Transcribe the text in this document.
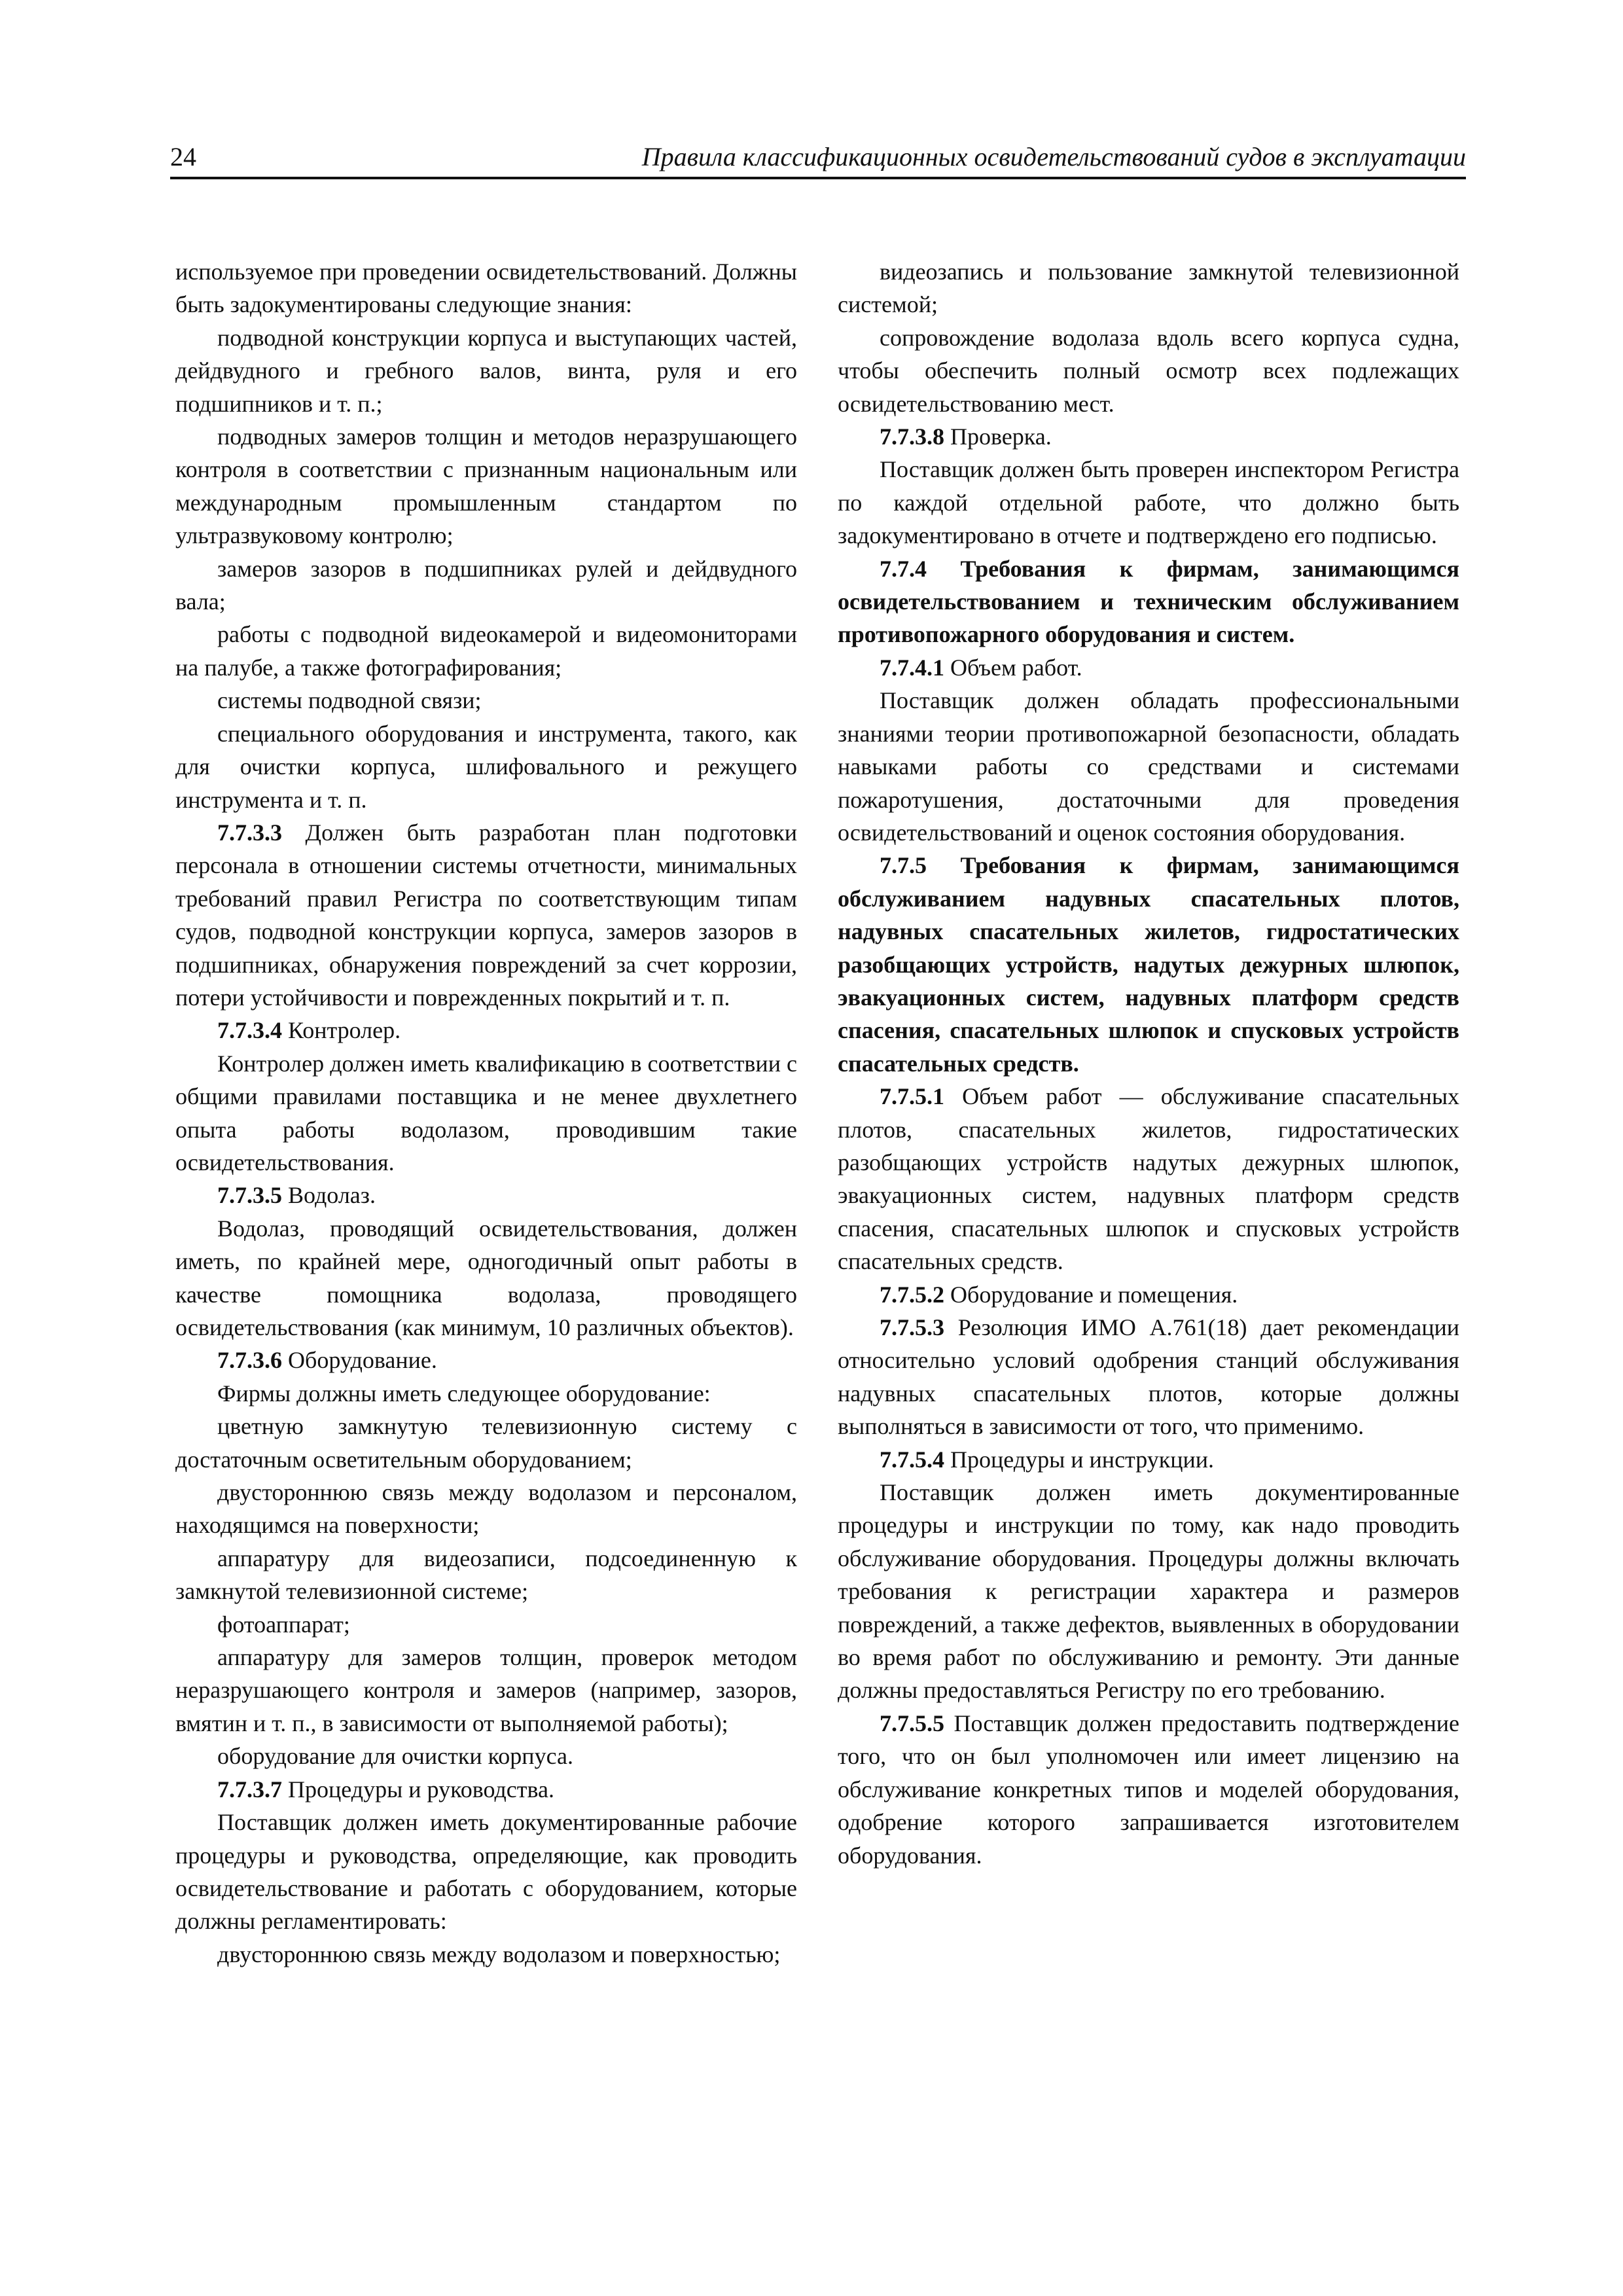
24	Правила классификационных освидетельствований судов в эксплуатации

используемое при проведении освидетельствований. Должны быть задокументированы следующие знания:

подводной конструкции корпуса и выступающих частей, дейдвудного и гребного валов, винта, руля и его подшипников и т. п.;

подводных замеров толщин и методов неразрушающего контроля в соответствии с признанным национальным или международным промышленным стандартом по ультразвуковому контролю;

замеров зазоров в подшипниках рулей и дейдвудного вала;

работы с подводной видеокамерой и видеомониторами на палубе, а также фотографирования;

системы подводной связи;

специального оборудования и инструмента, такого, как для очистки корпуса, шлифовального и режущего инструмента и т. п.

7.7.3.3 Должен быть разработан план подготовки персонала в отношении системы отчетности, минимальных требований правил Регистра по соответствующим типам судов, подводной конструкции корпуса, замеров зазоров в подшипниках, обнаружения повреждений за счет коррозии, потери устойчивости и поврежденных покрытий и т. п.

7.7.3.4 Контролер.

Контролер должен иметь квалификацию в соответствии с общими правилами поставщика и не менее двухлетнего опыта работы водолазом, проводившим такие освидетельствования.

7.7.3.5 Водолаз.

Водолаз, проводящий освидетельствования, должен иметь, по крайней мере, одногодичный опыт работы в качестве помощника водолаза, проводящего освидетельствования (как минимум, 10 различных объектов).

7.7.3.6 Оборудование.

Фирмы должны иметь следующее оборудование:

цветную замкнутую телевизионную систему с достаточным осветительным оборудованием;

двустороннюю связь между водолазом и персоналом, находящимся на поверхности;

аппаратуру для видеозаписи, подсоединенную к замкнутой телевизионной системе;

фотоаппарат;

аппаратуру для замеров толщин, проверок методом неразрушающего контроля и замеров (например, зазоров, вмятин и т. п., в зависимости от выполняемой работы);

оборудование для очистки корпуса.

7.7.3.7 Процедуры и руководства.

Поставщик должен иметь документированные рабочие процедуры и руководства, определяющие, как проводить освидетельствование и работать с оборудованием, которые должны регламентировать:

двустороннюю связь между водолазом и поверхностью;

видеозапись и пользование замкнутой телевизионной системой;

сопровождение водолаза вдоль всего корпуса судна, чтобы обеспечить полный осмотр всех подлежащих освидетельствованию мест.

7.7.3.8 Проверка.

Поставщик должен быть проверен инспектором Регистра по каждой отдельной работе, что должно быть задокументировано в отчете и подтверждено его подписью.

7.7.4 Требования к фирмам, занимающимся освидетельствованием и техническим обслуживанием противопожарного оборудования и систем.

7.7.4.1 Объем работ.

Поставщик должен обладать профессиональными знаниями теории противопожарной безопасности, обладать навыками работы со средствами и системами пожаротушения, достаточными для проведения освидетельствований и оценок состояния оборудования.

7.7.5 Требования к фирмам, занимающимся обслуживанием надувных спасательных плотов, надувных спасательных жилетов, гидростатических разобщающих устройств, надутых дежурных шлюпок, эвакуационных систем, надувных платформ средств спасения, спасательных шлюпок и спусковых устройств спасательных средств.

7.7.5.1 Объем работ — обслуживание спасательных плотов, спасательных жилетов, гидростатических разобщающих устройств надутых дежурных шлюпок, эвакуационных систем, надувных платформ средств спасения, спасательных шлюпок и спусковых устройств спасательных средств.

7.7.5.2 Оборудование и помещения.

7.7.5.3 Резолюция ИМО А.761(18) дает рекомендации относительно условий одобрения станций обслуживания надувных спасательных плотов, которые должны выполняться в зависимости от того, что применимо.

7.7.5.4 Процедуры и инструкции.

Поставщик должен иметь документированные процедуры и инструкции по тому, как надо проводить обслуживание оборудования. Процедуры должны включать требования к регистрации характера и размеров повреждений, а также дефектов, выявленных в оборудовании во время работ по обслуживанию и ремонту. Эти данные должны предоставляться Регистру по его требованию.

7.7.5.5 Поставщик должен предоставить подтверждение того, что он был уполномочен или имеет лицензию на обслуживание конкретных типов и моделей оборудования, одобрение которого запрашивается изготовителем оборудования.
